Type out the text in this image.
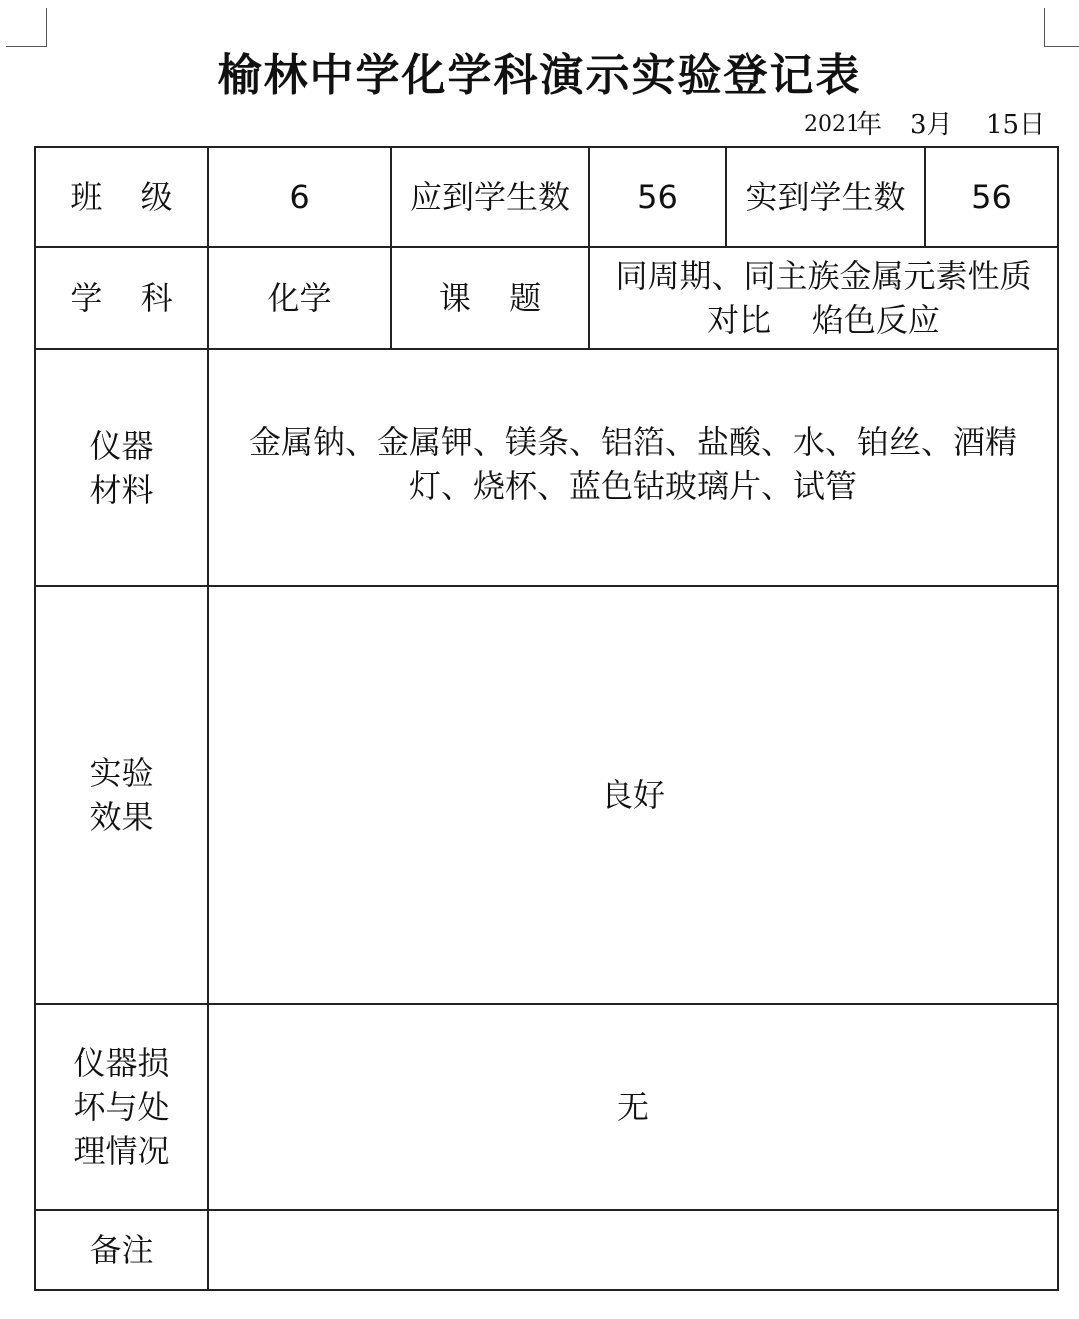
榆林中学化学科演示实验登记表
2021
年 3月 15日
班 级	6	应到学生数	56	实到学生数	56
学 科	化学	课 题	同周期、同主族金属元素性质对比    焰色反应		
仪器材料	金属钠、金属钾、镁条、铝箔、盐酸、水、铂丝、酒精灯、烧杯、蓝色钴玻璃片、试管				
实验效果	良好				
仪器损坏与处理情况	无				
备注					
